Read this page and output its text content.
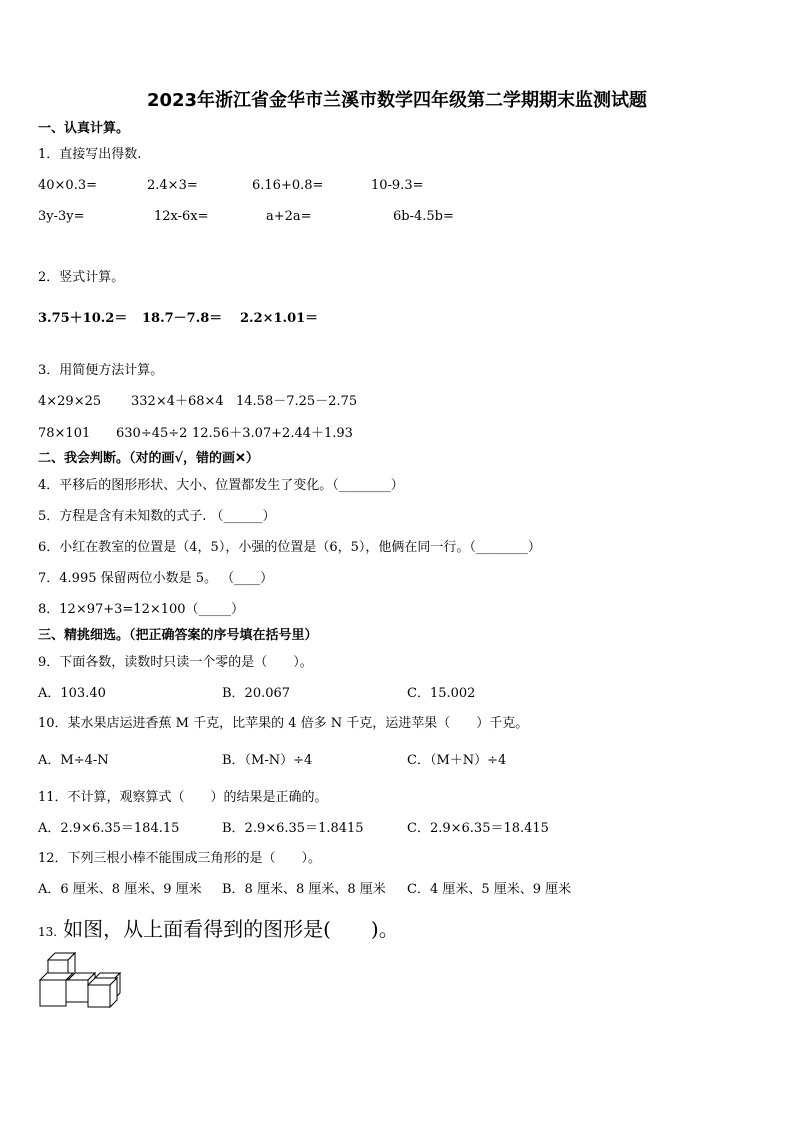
2023年浙江省金华市兰溪市数学四年级第二学期期末监测试题
一、认真计算。
1．直接写出得数.
40×0.3=	2.4×3=	6.16+0.8=	10-9.3=
3y-3y=	12x-6x=	a+2a=	6b-4.5b=
2．竖式计算。
3.75＋10.2＝ 18.7－7.8＝ 2.2×1.01＝
3．用简便方法计算。
4×29×25 332×4＋68×4 14.58－7.25－2.75
78×101 630÷45÷2 12.56＋3.07+2.44＋1.93
二、我会判断。（对的画√，错的画✕）
4．平移后的图形形状、大小、位置都发生了变化。（________）
5．方程是含有未知数的式子. （______）
6．小红在教室的位置是（4，5），小强的位置是（6，5），他俩在同一行。（________）
7．4.995 保留两位小数是 5。 （____）
8．12×97+3=12×100（_____）
三、精挑细选。（把正确答案的序号填在括号里）
9．下面各数，读数时只读一个零的是（　　）。
A．103.40	B．20.067	C．15.002
10．某水果店运进香蕉 M 千克，比苹果的 4 倍多 N 千克，运进苹果（　　）千克。
A．M÷4-N	B．（M-N）÷4	C．（M＋N）÷4
11．不计算，观察算式（　　）的结果是正确的。
A．2.9×6.35＝184.15	B．2.9×6.35＝1.8415	C．2.9×6.35＝18.415
12．下列三根小棒不能围成三角形的是（　　）。
A．6 厘米、8 厘米、9 厘米 B．8 厘米、8 厘米、8 厘米 C．4 厘米、5 厘米、9 厘米
13. 如图，从上面看得到的图形是(　　)。
